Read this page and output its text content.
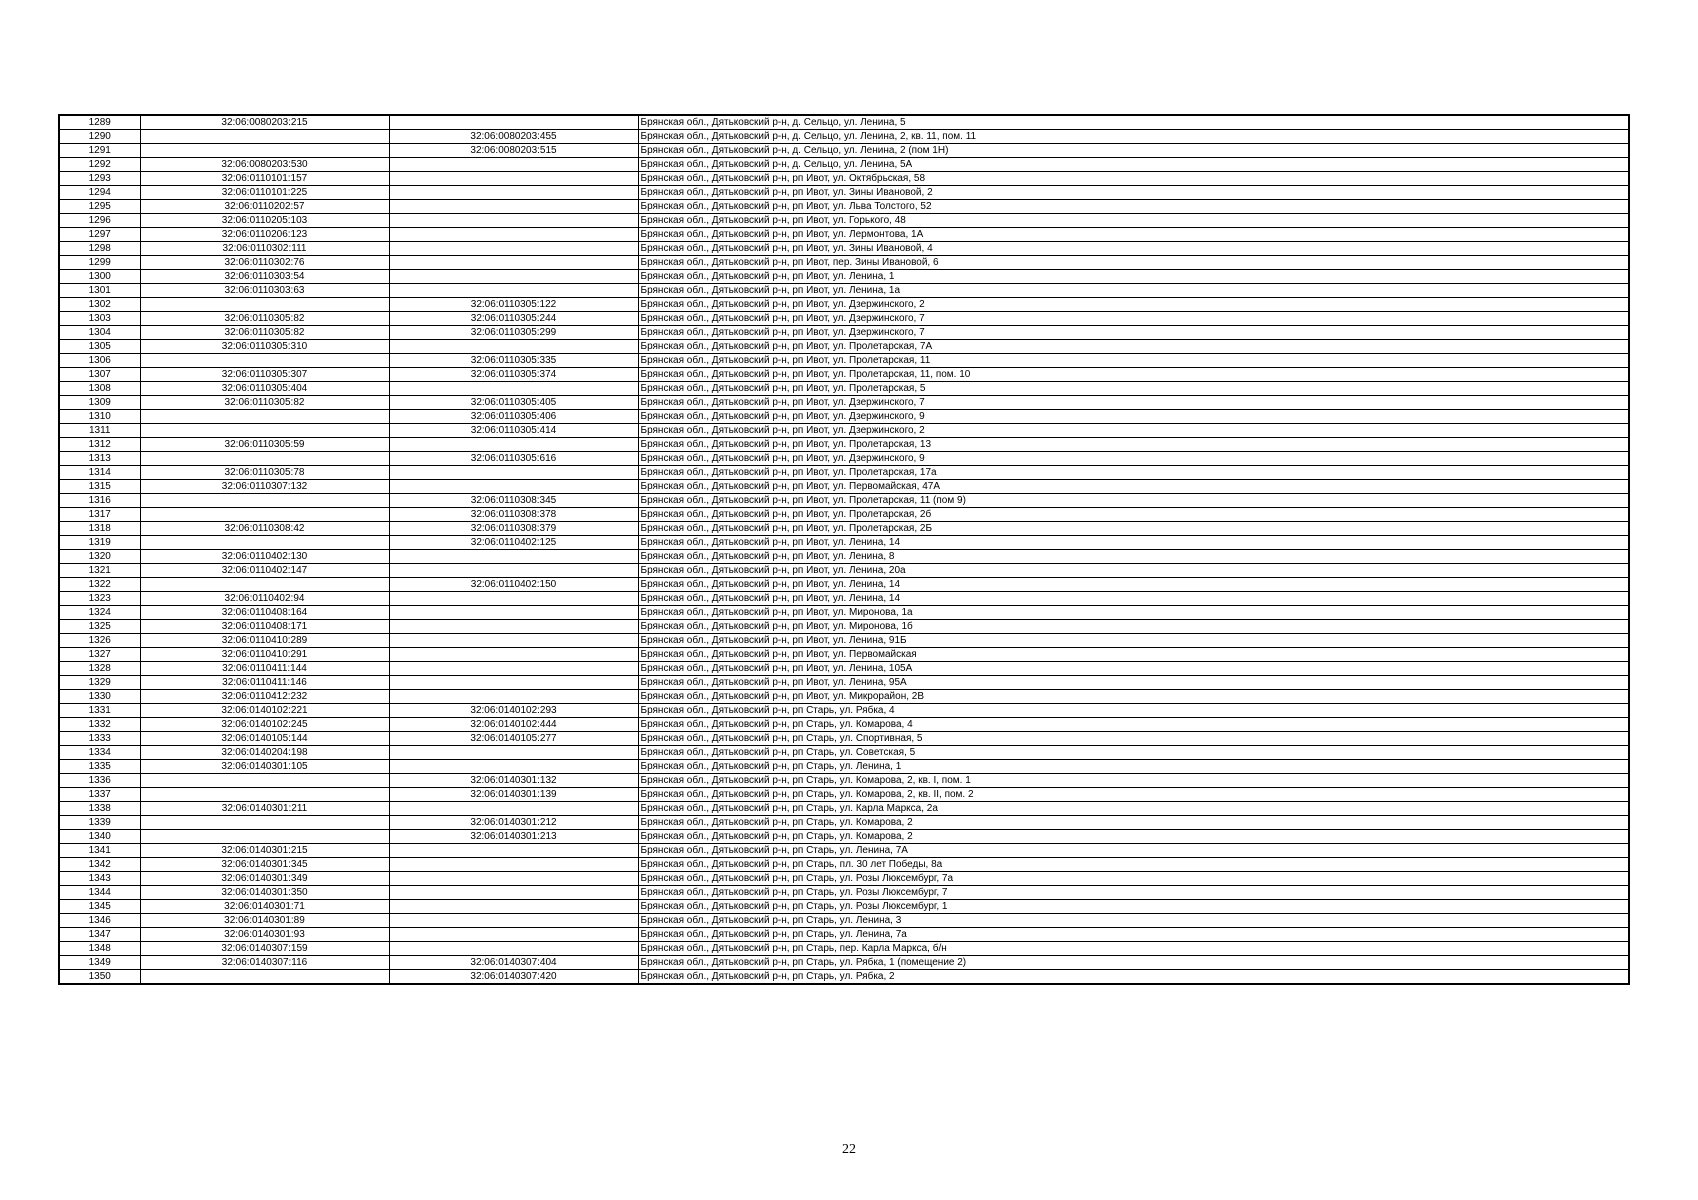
1289	32:06:0080203:215		Брянская обл., Дятьковский р-н, д. Сельцо, ул. Ленина, 5
1290		32:06:0080203:455	Брянская обл., Дятьковский р-н, д. Сельцо, ул. Ленина, 2, кв. 11, пом. 11
1291		32:06:0080203:515	Брянская обл., Дятьковский р-н, д. Сельцо, ул. Ленина, 2 (пом 1Н)
1292	32:06:0080203:530		Брянская обл., Дятьковский р-н, д. Сельцо, ул. Ленина, 5А
1293	32:06:0110101:157		Брянская обл., Дятьковский р-н, рп Ивот, ул. Октябрьская, 58
1294	32:06:0110101:225		Брянская обл., Дятьковский р-н, рп Ивот, ул. Зины Ивановой, 2
1295	32:06:0110202:57		Брянская обл., Дятьковский р-н, рп Ивот, ул. Льва Толстого, 52
1296	32:06:0110205:103		Брянская обл., Дятьковский р-н, рп Ивот, ул. Горького, 48
1297	32:06:0110206:123		Брянская обл., Дятьковский р-н, рп Ивот, ул. Лермонтова, 1А
1298	32:06:0110302:111		Брянская обл., Дятьковский р-н, рп Ивот, ул. Зины Ивановой, 4
1299	32:06:0110302:76		Брянская обл., Дятьковский р-н, рп Ивот, пер. Зины Ивановой, 6
1300	32:06:0110303:54		Брянская обл., Дятьковский р-н, рп Ивот, ул. Ленина, 1
1301	32:06:0110303:63		Брянская обл., Дятьковский р-н, рп Ивот, ул. Ленина, 1а
1302		32:06:0110305:122	Брянская обл., Дятьковский р-н, рп Ивот, ул. Дзержинского, 2
1303	32:06:0110305:82	32:06:0110305:244	Брянская обл., Дятьковский р-н, рп Ивот, ул. Дзержинского, 7
1304	32:06:0110305:82	32:06:0110305:299	Брянская обл., Дятьковский р-н, рп Ивот, ул. Дзержинского, 7
1305	32:06:0110305:310		Брянская обл., Дятьковский р-н, рп Ивот, ул. Пролетарская, 7А
1306		32:06:0110305:335	Брянская обл., Дятьковский р-н, рп Ивот, ул. Пролетарская, 11
1307	32:06:0110305:307	32:06:0110305:374	Брянская обл., Дятьковский р-н, рп Ивот, ул. Пролетарская, 11, пом. 10
1308	32:06:0110305:404		Брянская обл., Дятьковский р-н, рп Ивот, ул. Пролетарская, 5
1309	32:06:0110305:82	32:06:0110305:405	Брянская обл., Дятьковский р-н, рп Ивот, ул. Дзержинского, 7
1310		32:06:0110305:406	Брянская обл., Дятьковский р-н, рп Ивот, ул. Дзержинского, 9
1311		32:06:0110305:414	Брянская обл., Дятьковский р-н, рп Ивот, ул. Дзержинского, 2
1312	32:06:0110305:59		Брянская обл., Дятьковский р-н, рп Ивот, ул. Пролетарская, 13
1313		32:06:0110305:616	Брянская обл., Дятьковский р-н, рп Ивот, ул. Дзержинского, 9
1314	32:06:0110305:78		Брянская обл., Дятьковский р-н, рп Ивот, ул. Пролетарская, 17а
1315	32:06:0110307:132		Брянская обл., Дятьковский р-н, рп Ивот, ул. Первомайская, 47А
1316		32:06:0110308:345	Брянская обл., Дятьковский р-н, рп Ивот, ул. Пролетарская, 11 (пом 9)
1317		32:06:0110308:378	Брянская обл., Дятьковский р-н, рп Ивот, ул. Пролетарская, 2б
1318	32:06:0110308:42	32:06:0110308:379	Брянская обл., Дятьковский р-н, рп Ивот, ул. Пролетарская, 2Б
1319		32:06:0110402:125	Брянская обл., Дятьковский р-н, рп Ивот, ул. Ленина, 14
1320	32:06:0110402:130		Брянская обл., Дятьковский р-н, рп Ивот, ул. Ленина, 8
1321	32:06:0110402:147		Брянская обл., Дятьковский р-н, рп Ивот, ул. Ленина, 20а
1322		32:06:0110402:150	Брянская обл., Дятьковский р-н, рп Ивот, ул. Ленина, 14
1323	32:06:0110402:94		Брянская обл., Дятьковский р-н, рп Ивот, ул. Ленина, 14
1324	32:06:0110408:164		Брянская обл., Дятьковский р-н, рп Ивот, ул. Миронова, 1а
1325	32:06:0110408:171		Брянская обл., Дятьковский р-н, рп Ивот, ул. Миронова, 1б
1326	32:06:0110410:289		Брянская обл., Дятьковский р-н, рп Ивот, ул. Ленина, 91Б
1327	32:06:0110410:291		Брянская обл., Дятьковский р-н, рп Ивот, ул. Первомайская
1328	32:06:0110411:144		Брянская обл., Дятьковский р-н, рп Ивот, ул. Ленина, 105А
1329	32:06:0110411:146		Брянская обл., Дятьковский р-н, рп Ивот, ул. Ленина, 95А
1330	32:06:0110412:232		Брянская обл., Дятьковский р-н, рп Ивот, ул. Микрорайон, 2В
1331	32:06:0140102:221	32:06:0140102:293	Брянская обл., Дятьковский р-н, рп Старь, ул. Рябка, 4
1332	32:06:0140102:245	32:06:0140102:444	Брянская обл., Дятьковский р-н, рп Старь, ул. Комарова, 4
1333	32:06:0140105:144	32:06:0140105:277	Брянская обл., Дятьковский р-н, рп Старь, ул. Спортивная, 5
1334	32:06:0140204:198		Брянская обл., Дятьковский р-н, рп Старь, ул. Советская, 5
1335	32:06:0140301:105		Брянская обл., Дятьковский р-н, рп Старь, ул. Ленина, 1
1336		32:06:0140301:132	Брянская обл., Дятьковский р-н, рп Старь, ул. Комарова, 2, кв. I, пом. 1
1337		32:06:0140301:139	Брянская обл., Дятьковский р-н, рп Старь, ул. Комарова, 2, кв. II, пом. 2
1338	32:06:0140301:211		Брянская обл., Дятьковский р-н, рп Старь, ул. Карла Маркса, 2а
1339		32:06:0140301:212	Брянская обл., Дятьковский р-н, рп Старь, ул. Комарова, 2
1340		32:06:0140301:213	Брянская обл., Дятьковский р-н, рп Старь, ул. Комарова, 2
1341	32:06:0140301:215		Брянская обл., Дятьковский р-н, рп Старь, ул. Ленина, 7А
1342	32:06:0140301:345		Брянская обл., Дятьковский р-н, рп Старь, пл. 30 лет Победы, 8а
1343	32:06:0140301:349		Брянская обл., Дятьковский р-н, рп Старь, ул. Розы Люксембург, 7а
1344	32:06:0140301:350		Брянская обл., Дятьковский р-н, рп Старь, ул. Розы Люксембург, 7
1345	32:06:0140301:71		Брянская обл., Дятьковский р-н, рп Старь, ул. Розы Люксембург, 1
1346	32:06:0140301:89		Брянская обл., Дятьковский р-н, рп Старь, ул. Ленина, 3
1347	32:06:0140301:93		Брянская обл., Дятьковский р-н, рп Старь, ул. Ленина, 7а
1348	32:06:0140307:159		Брянская обл., Дятьковский р-н, рп Старь, пер. Карла Маркса, б/н
1349	32:06:0140307:116	32:06:0140307:404	Брянская обл., Дятьковский р-н, рп Старь, ул. Рябка, 1 (помещение 2)
1350		32:06:0140307:420	Брянская обл., Дятьковский р-н, рп Старь, ул. Рябка, 2
22
